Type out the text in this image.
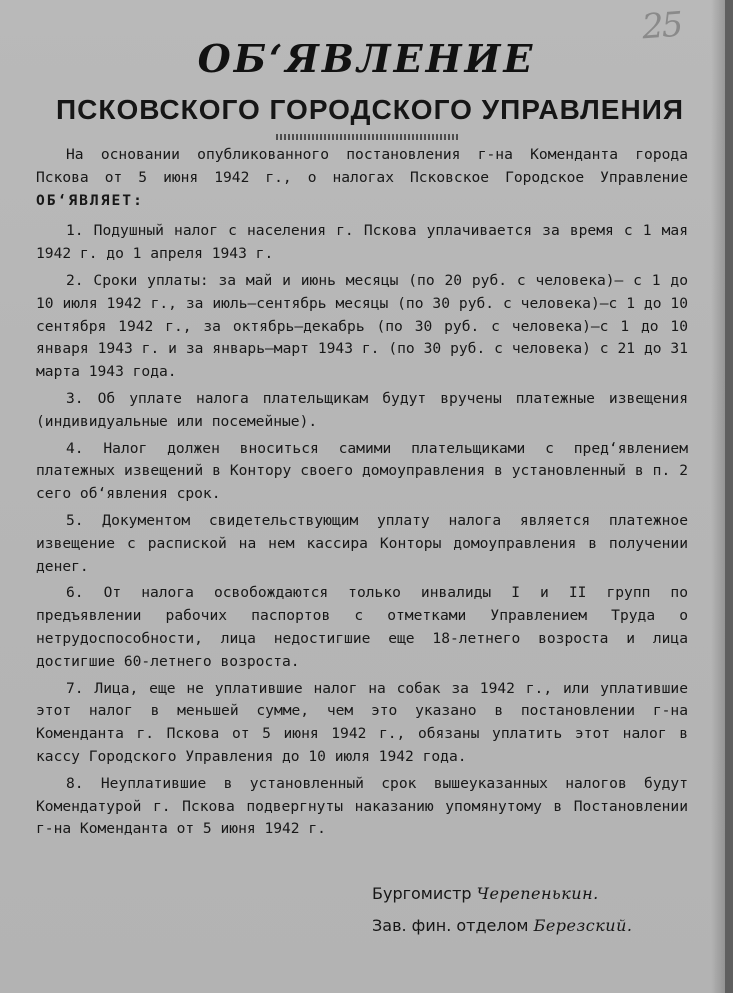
25
ОБ‘ЯВЛЕНИЕ
ПСКОВСКОГО ГОРОДСКОГО УПРАВЛЕНИЯ

На основании опубликованного постановления г-на Коменданта города Пскова от 5 июня 1942 г., о налогах Псковское Городское Управление ОБ‘ЯВЛЯЕТ:

1. Подушный налог с населения г. Пскова уплачивается за время с 1 мая 1942 г. до 1 апреля 1943 г.

2. Сроки уплаты: за май и июнь месяцы (по 20 руб. с человека)— с 1 до 10 июля 1942 г., за июль—сентябрь месяцы (по 30 руб. с человека)—с 1 до 10 сентября 1942 г., за октябрь—декабрь (по 30 руб. с человека)—с 1 до 10 января 1943 г. и за январь—март 1943 г. (по 30 руб. с человека) с 21 до 31 марта 1943 года.

3. Об уплате налога плательщикам будут вручены платежные извещения (индивидуальные или посемейные).

4. Налог должен вноситься самими плательщиками с пред‘явлением платежных извещений в Контору своего домоуправления в установленный в п. 2 сего об‘явления срок.

5. Документом свидетельствующим уплату налога является платежное извещение с распиской на нем кассира Конторы домоуправления в получении денег.

6. От налога освобождаются только инвалиды I и II групп по предъявлении рабочих паспортов с отметками Управлением Труда о нетрудоспособности, лица недостигшие еще 18-летнего возроста и лица достигшие 60-летнего возроста.

7. Лица, еще не уплатившие налог на собак за 1942 г., или уплатившие этот налог в меньшей сумме, чем это указано в постановлении г-на Коменданта г. Пскова от 5 июня 1942 г., обязаны уплатить этот налог в кассу Городского Управления до 10 июля 1942 года.

8. Неуплатившие в установленный срок вышеуказанных налогов будут Комендатурой г. Пскова подвергнуты наказанию упомянутому в Постановлении г-на Коменданта от 5 июня 1942 г.

Бургомистр Черепенькин.
Зав. фин. отделом Березский.
